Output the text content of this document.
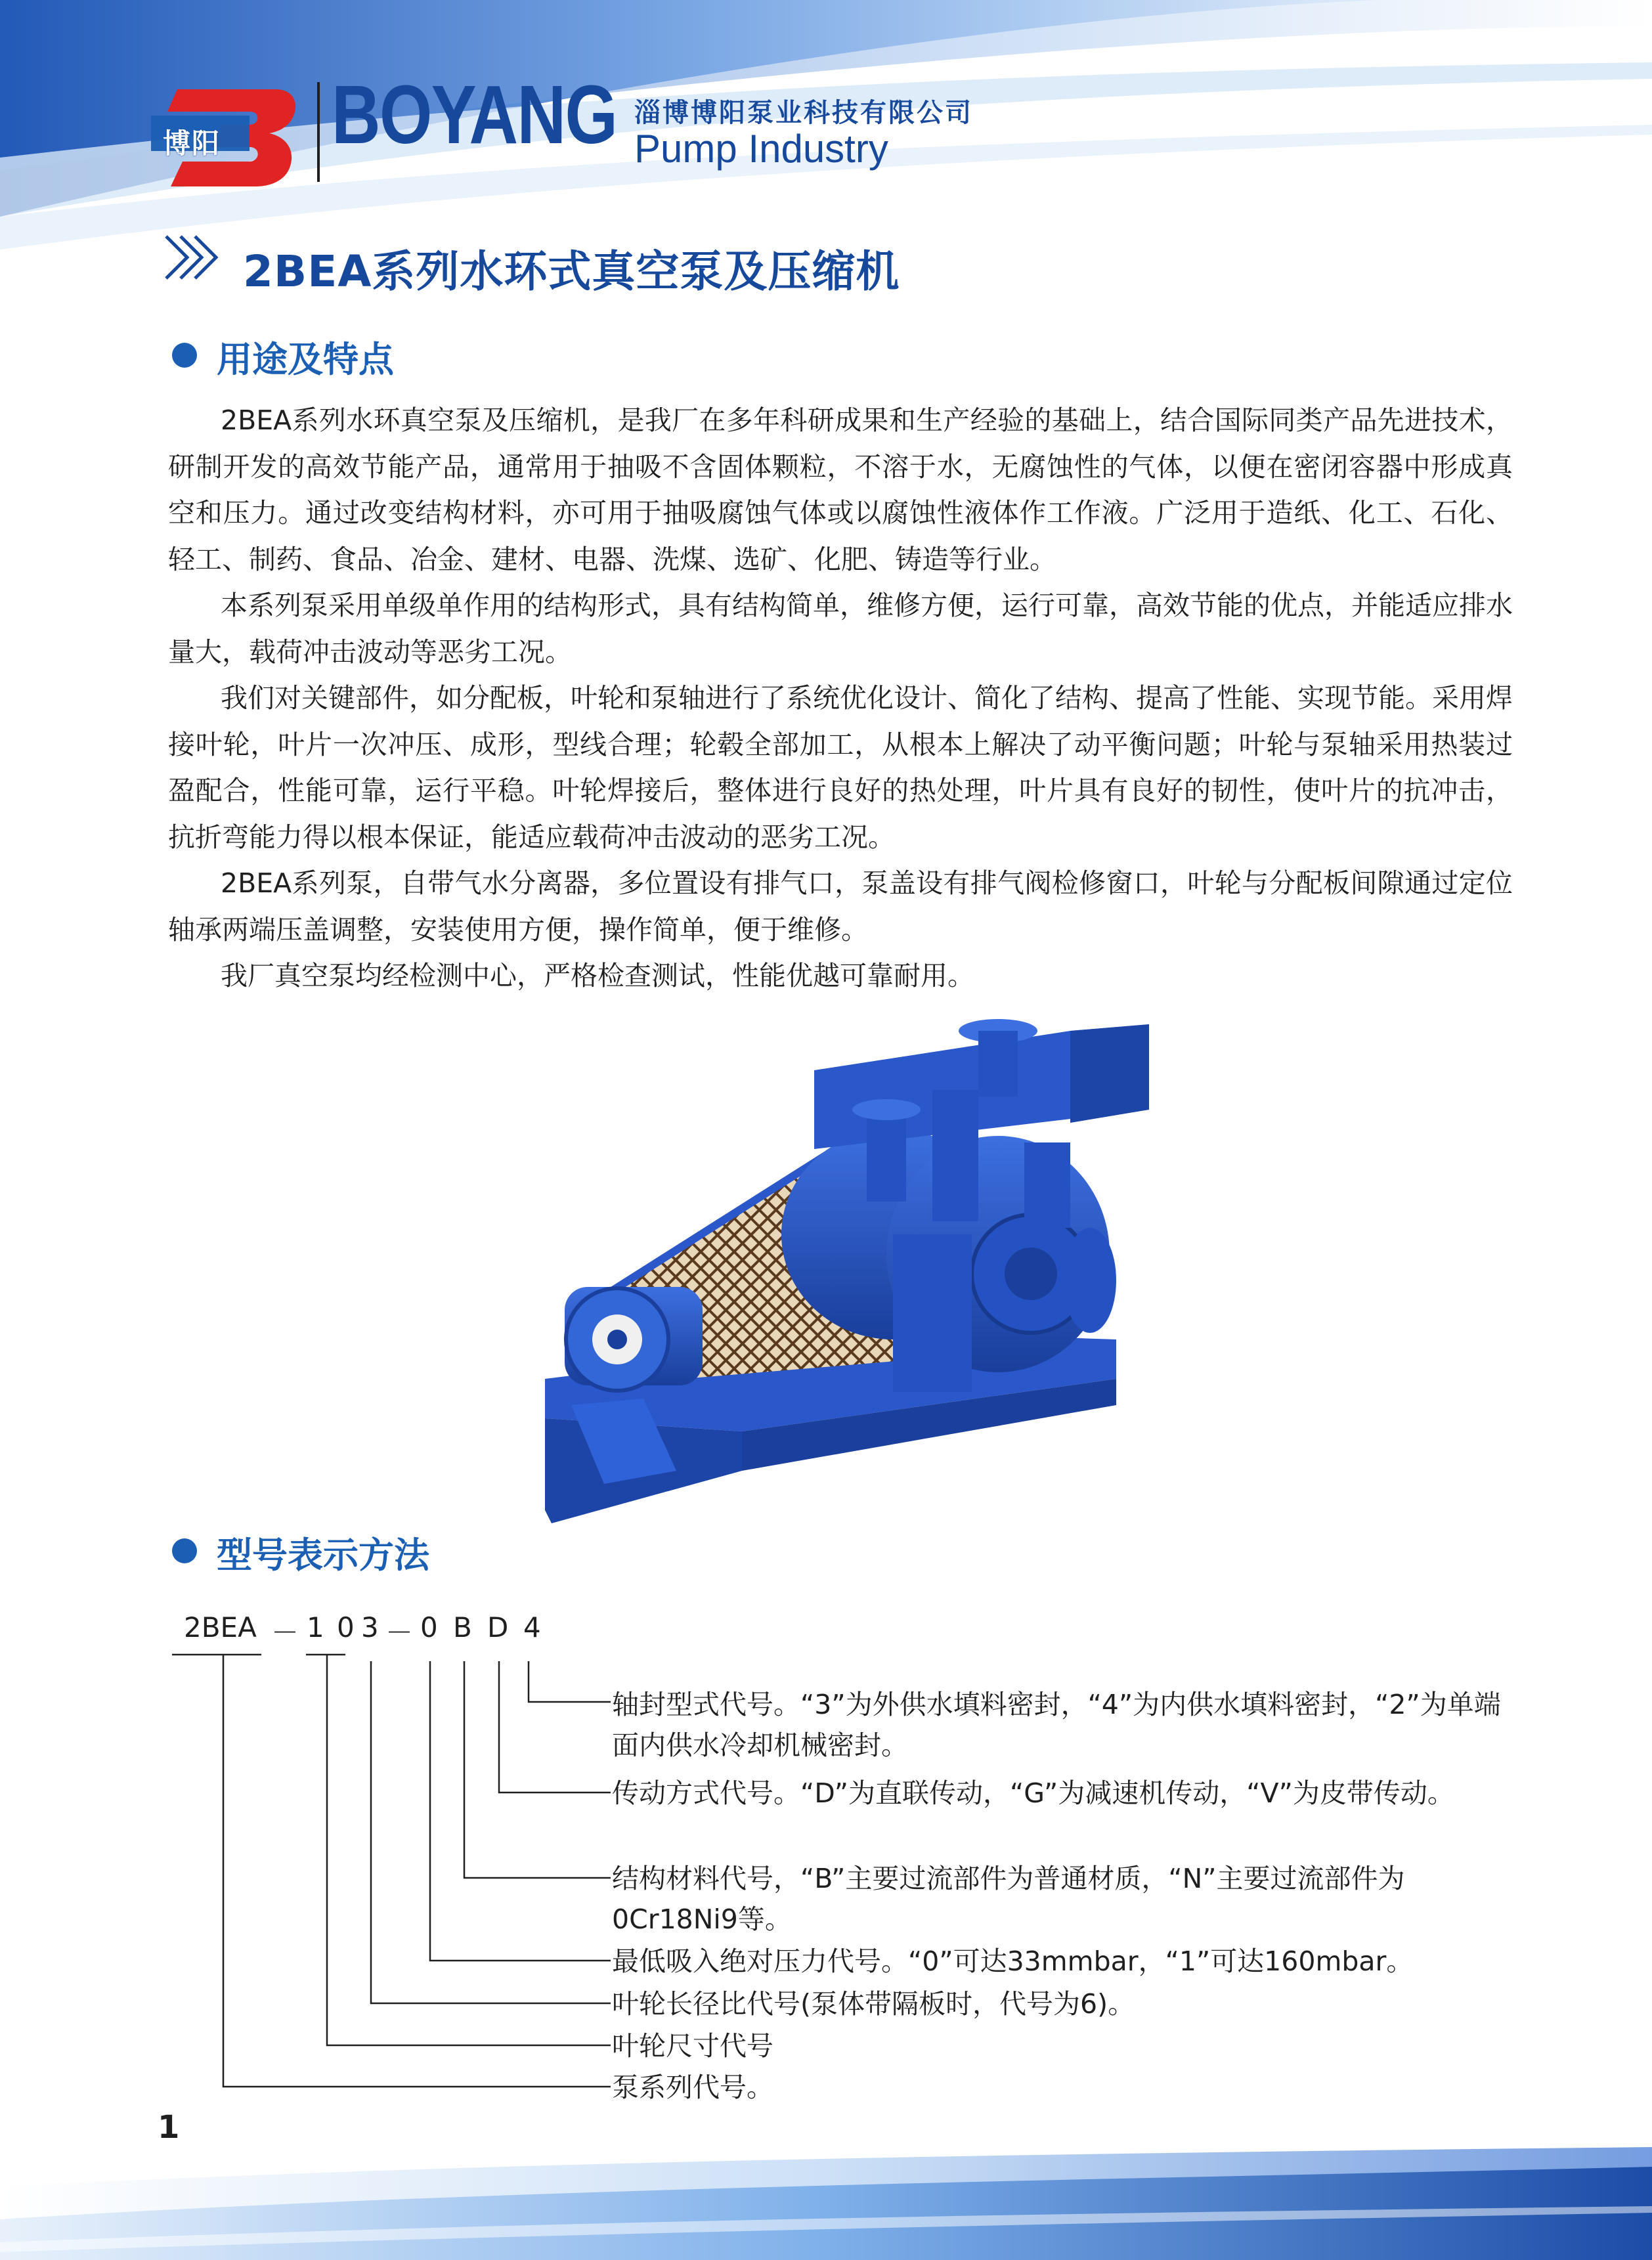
博阳 BOYANG 淄博博阳泵业科技有限公司
Pump Industry
2BEA系列水环式真空泵及压缩机
用途及特点

2BEA系列水环真空泵及压缩机，是我厂在多年科研成果和生产经验的基础上，结合国际同类产品先进技术，研制开发的高效节能产品，通常用于抽吸不含固体颗粒，不溶于水，无腐蚀性的气体，以便在密闭容器中形成真空和压力。通过改变结构材料，亦可用于抽吸腐蚀气体或以腐蚀性液体作工作液。广泛用于造纸、化工、石化、轻工、制药、食品、冶金、建材、电器、洗煤、选矿、化肥、铸造等行业。

本系列泵采用单级单作用的结构形式，具有结构简单，维修方便，运行可靠，高效节能的优点，并能适应排水量大，载荷冲击波动等恶劣工况。

我们对关键部件，如分配板，叶轮和泵轴进行了系统优化设计、简化了结构、提高了性能、实现节能。采用焊接叶轮，叶片一次冲压、成形，型线合理；轮毂全部加工，从根本上解决了动平衡问题；叶轮与泵轴采用热装过盈配合，性能可靠，运行平稳。叶轮焊接后，整体进行良好的热处理，叶片具有良好的韧性，使叶片的抗冲击，抗折弯能力得以根本保证，能适应载荷冲击波动的恶劣工况。

2BEA系列泵，自带气水分离器，多位置设有排气口，泵盖设有排气阀检修窗口，叶轮与分配板间隙通过定位轴承两端压盖调整，安装使用方便，操作简单，便于维修。

我厂真空泵均经检测中心，严格检查测试，性能优越可靠耐用。

型号表示方法
2BEA － 1 0 3 － 0 B D 4
轴封型式代号。“3”为外供水填料密封，“4”为内供水填料密封，“2”为单端面内供水冷却机械密封。
传动方式代号。“D”为直联传动，“G”为减速机传动，“V”为皮带传动。
结构材料代号，“B”主要过流部件为普通材质，“N”主要过流部件为0Cr18Ni9等。
最低吸入绝对压力代号。“0”可达33mmbar，“1”可达160mbar。
叶轮长径比代号(泵体带隔板时，代号为6)。
叶轮尺寸代号
泵系列代号。
1
